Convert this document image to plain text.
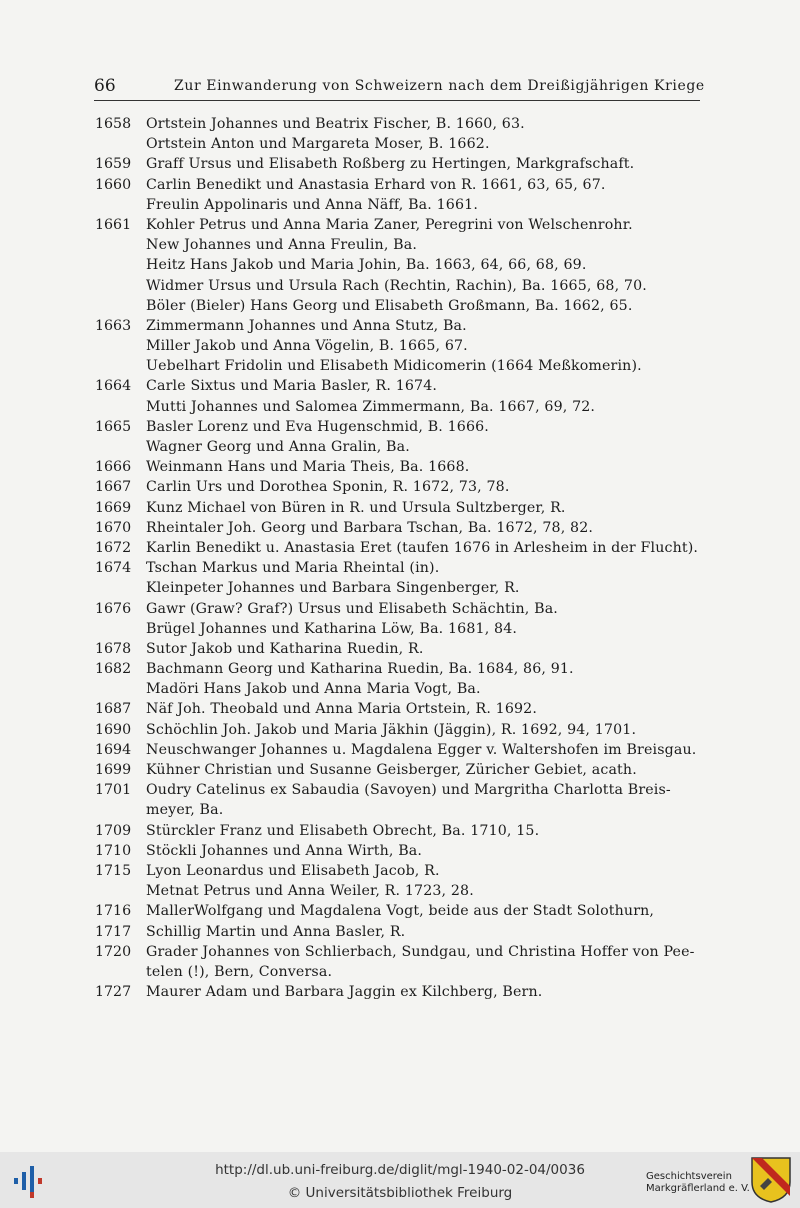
66	Zur Einwanderung von Schweizern nach dem Dreißigjährigen Kriege
1658 Ortstein Johannes und Beatrix Fischer, B. 1660, 63.
Ortstein Anton und Margareta Moser, B. 1662.
1659 Graff Ursus und Elisabeth Roßberg zu Hertingen, Markgrafschaft.
1660 Carlin Benedikt und Anastasia Erhard von R. 1661, 63, 65, 67.
Freulin Appolinaris und Anna Näff, Ba. 1661.
1661 Kohler Petrus und Anna Maria Zaner, Peregrini von Welschenrohr.
New Johannes und Anna Freulin, Ba.
Heitz Hans Jakob und Maria Johin, Ba. 1663, 64, 66, 68, 69.
Widmer Ursus und Ursula Rach (Rechtin, Rachin), Ba. 1665, 68, 70.
Böler (Bieler) Hans Georg und Elisabeth Großmann, Ba. 1662, 65.
1663 Zimmermann Johannes und Anna Stutz, Ba.
Miller Jakob und Anna Vögelin, B. 1665, 67.
Uebelhart Fridolin und Elisabeth Midicomerin (1664 Meßkomerin).
1664 Carle Sixtus und Maria Basler, R. 1674.
Mutti Johannes und Salomea Zimmermann, Ba. 1667, 69, 72.
1665 Basler Lorenz und Eva Hugenschmid, B. 1666.
Wagner Georg und Anna Gralin, Ba.
1666 Weinmann Hans und Maria Theis, Ba. 1668.
1667 Carlin Urs und Dorothea Sponin, R. 1672, 73, 78.
1669 Kunz Michael von Büren in R. und Ursula Sultzberger, R.
1670 Rheintaler Joh. Georg und Barbara Tschan, Ba. 1672, 78, 82.
1672 Karlin Benedikt u. Anastasia Eret (taufen 1676 in Arlesheim in der Flucht).
1674 Tschan Markus und Maria Rheintal (in).
Kleinpeter Johannes und Barbara Singenberger, R.
1676 Gawr (Graw? Graf?) Ursus und Elisabeth Schächtin, Ba.
Brügel Johannes und Katharina Löw, Ba. 1681, 84.
1678 Sutor Jakob und Katharina Ruedin, R.
1682 Bachmann Georg und Katharina Ruedin, Ba. 1684, 86, 91.
Madöri Hans Jakob und Anna Maria Vogt, Ba.
1687 Näf Joh. Theobald und Anna Maria Ortstein, R. 1692.
1690 Schöchlin Joh. Jakob und Maria Jäkhin (Jäggin), R. 1692, 94, 1701.
1694 Neuschwanger Johannes u. Magdalena Egger v. Waltershofen im Breisgau.
1699 Kühner Christian und Susanne Geisberger, Züricher Gebiet, acath.
1701 Oudry Catelinus ex Sabaudia (Savoyen) und Margritha Charlotta Breis-
meyer, Ba.
1709 Stürckler Franz und Elisabeth Obrecht, Ba. 1710, 15.
1710 Stöckli Johannes und Anna Wirth, Ba.
1715 Lyon Leonardus und Elisabeth Jacob, R.
Metnat Petrus und Anna Weiler, R. 1723, 28.
1716 MallerWolfgang und Magdalena Vogt, beide aus der Stadt Solothurn,
1717 Schillig Martin und Anna Basler, R.
1720 Grader Johannes von Schlierbach, Sundgau, und Christina Hoffer von Pee-
telen (!), Bern, Conversa.
1727 Maurer Adam und Barbara Jaggin ex Kilchberg, Bern.
http://dl.ub.uni-freiburg.de/diglit/mgl-1940-02-04/0036
© Universitätsbibliothek Freiburg
Geschichtsverein
Markgräflerland e. V.
